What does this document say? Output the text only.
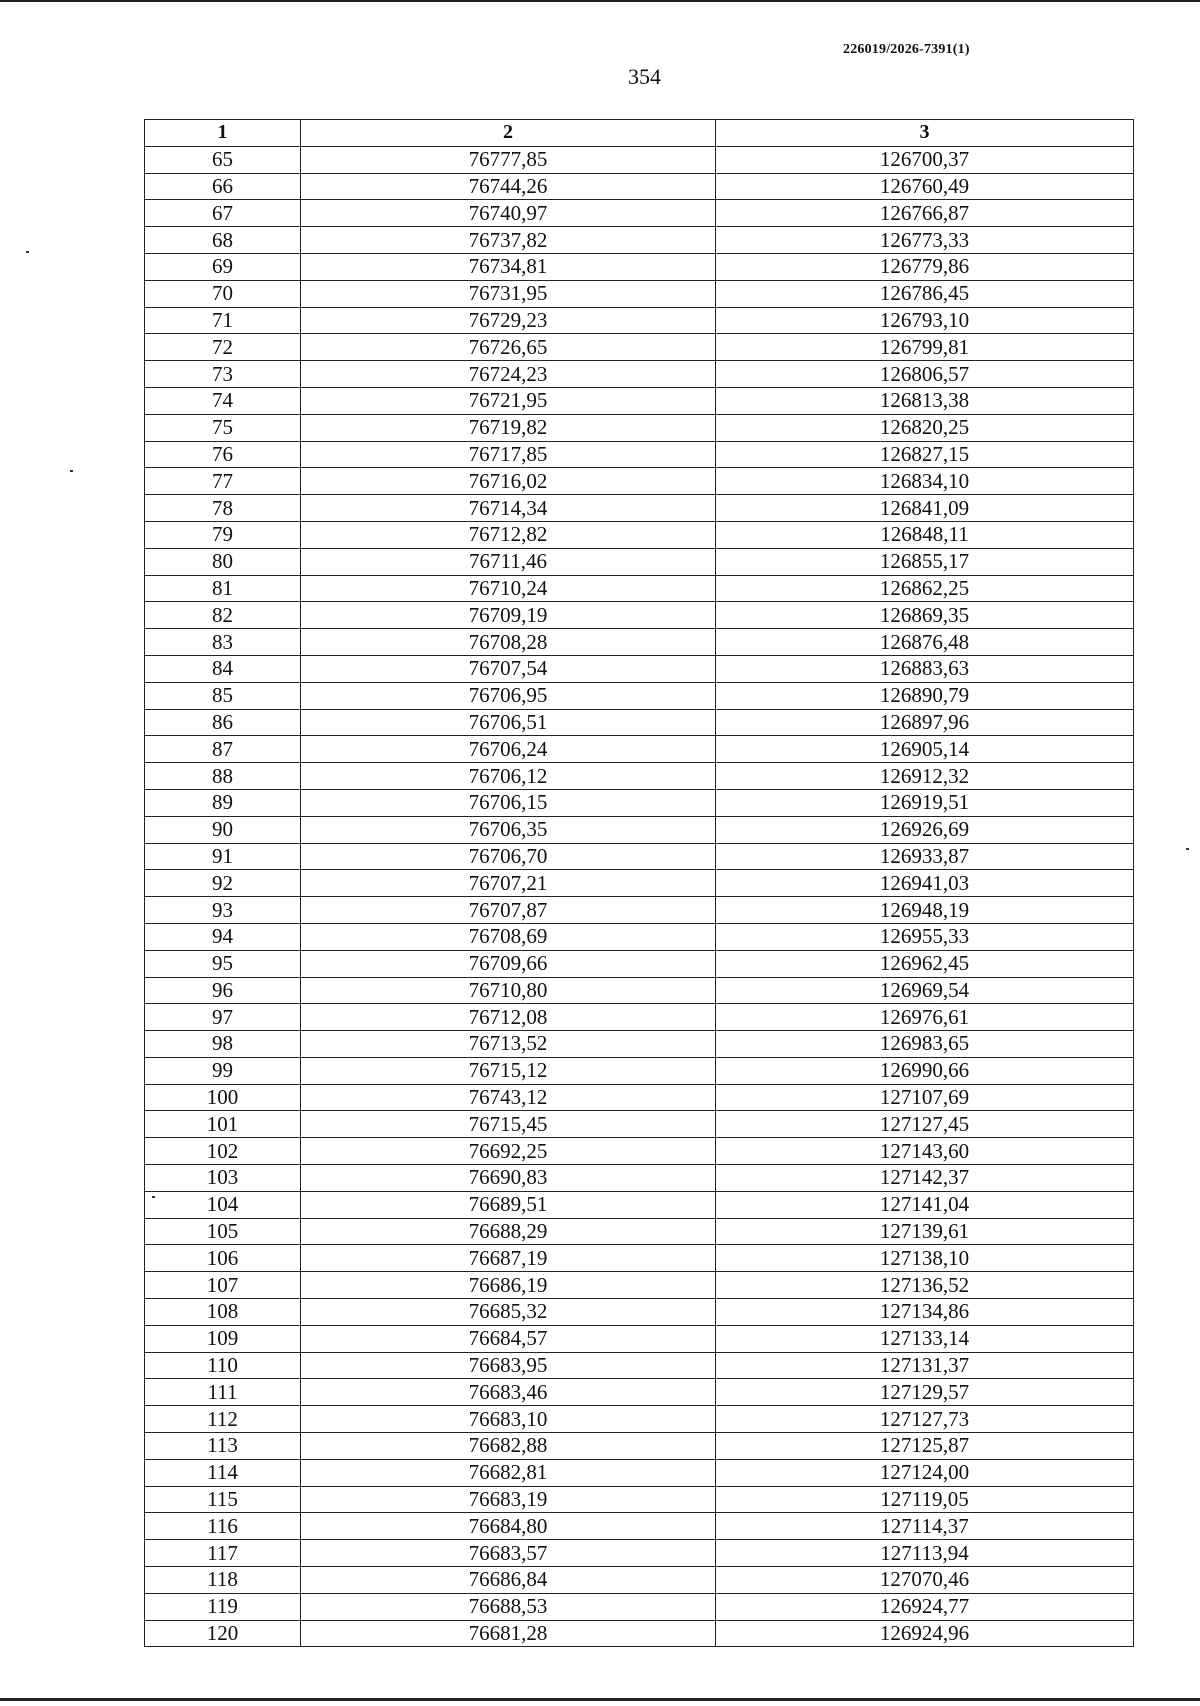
226019/2026-7391(1)
354
1	2	3
65	76777,85	126700,37
66	76744,26	126760,49
67	76740,97	126766,87
68	76737,82	126773,33
69	76734,81	126779,86
70	76731,95	126786,45
71	76729,23	126793,10
72	76726,65	126799,81
73	76724,23	126806,57
74	76721,95	126813,38
75	76719,82	126820,25
76	76717,85	126827,15
77	76716,02	126834,10
78	76714,34	126841,09
79	76712,82	126848,11
80	76711,46	126855,17
81	76710,24	126862,25
82	76709,19	126869,35
83	76708,28	126876,48
84	76707,54	126883,63
85	76706,95	126890,79
86	76706,51	126897,96
87	76706,24	126905,14
88	76706,12	126912,32
89	76706,15	126919,51
90	76706,35	126926,69
91	76706,70	126933,87
92	76707,21	126941,03
93	76707,87	126948,19
94	76708,69	126955,33
95	76709,66	126962,45
96	76710,80	126969,54
97	76712,08	126976,61
98	76713,52	126983,65
99	76715,12	126990,66
100	76743,12	127107,69
101	76715,45	127127,45
102	76692,25	127143,60
103	76690,83	127142,37
104	76689,51	127141,04
105	76688,29	127139,61
106	76687,19	127138,10
107	76686,19	127136,52
108	76685,32	127134,86
109	76684,57	127133,14
110	76683,95	127131,37
111	76683,46	127129,57
112	76683,10	127127,73
113	76682,88	127125,87
114	76682,81	127124,00
115	76683,19	127119,05
116	76684,80	127114,37
117	76683,57	127113,94
118	76686,84	127070,46
119	76688,53	126924,77
120	76681,28	126924,96
